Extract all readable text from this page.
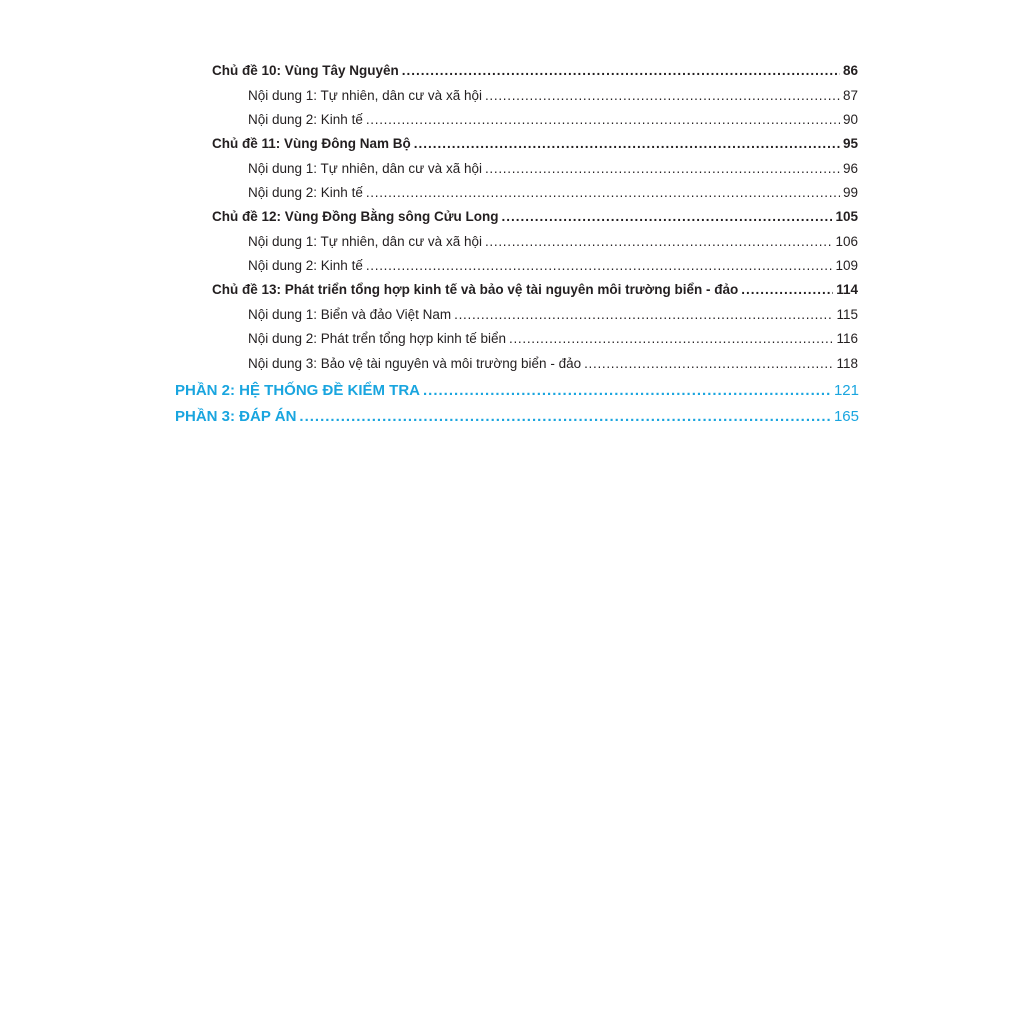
Chủ đề 10: Vùng Tây Nguyên .....	86
Nội dung 1: Tự nhiên, dân cư và xã hội .....	87
Nội dung 2: Kinh tế .....	90
Chủ đề 11: Vùng Đông Nam Bộ .....	95
Nội dung 1: Tự nhiên, dân cư và xã hội .....	96
Nội dung 2: Kinh tế .....	99
Chủ đề 12: Vùng Đồng Bằng sông Cửu Long .....	105
Nội dung 1: Tự nhiên, dân cư và xã hội .....	106
Nội dung 2: Kinh tế .....	109
Chủ đề 13: Phát triển tổng hợp kinh tế và bảo vệ tài nguyên môi trường biển - đảo .....	114
Nội dung 1: Biển và đảo Việt Nam .....	115
Nội dung 2: Phát trển tổng hợp kinh tế biển .....	116
Nội dung 3: Bảo vệ tài nguyên và môi trường biển - đảo .....	118
PHẦN 2: HỆ THỐNG ĐỀ KIỂM TRA .....	121
PHẦN 3: ĐÁP ÁN .....	165
